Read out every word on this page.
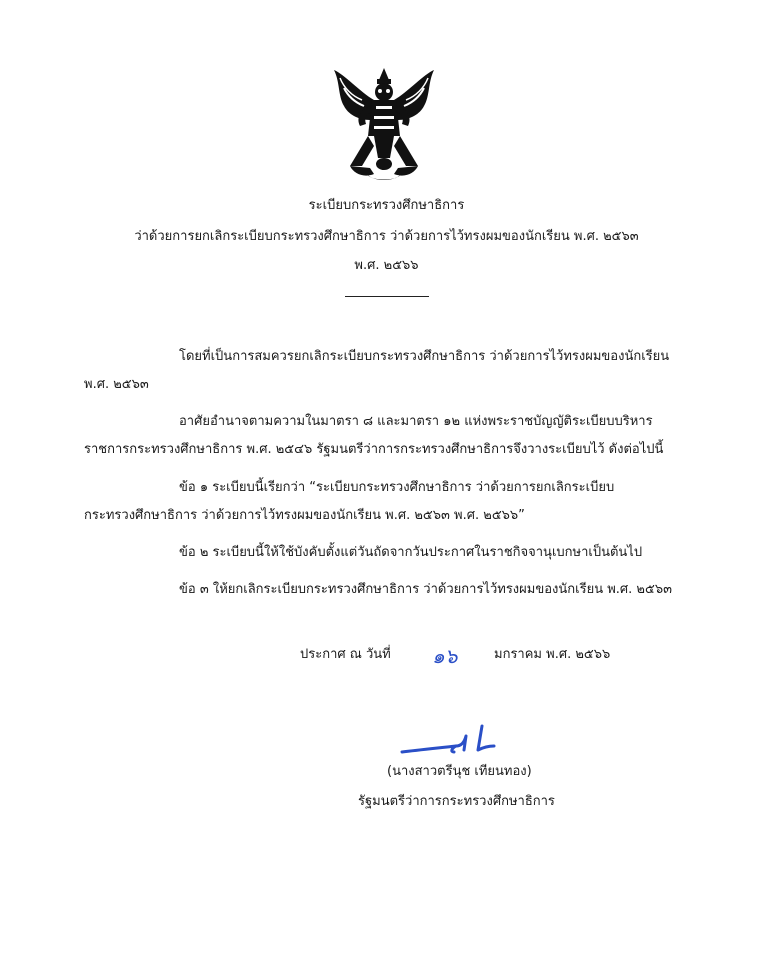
ระเบียบกระทรวงศึกษาธิการ
ว่าด้วยการยกเลิกระเบียบกระทรวงศึกษาธิการ ว่าด้วยการไว้ทรงผมของนักเรียน พ.ศ. ๒๕๖๓
พ.ศ. ๒๕๖๖
โดยที่เป็นการสมควรยกเลิกระเบียบกระทรวงศึกษาธิการ ว่าด้วยการไว้ทรงผมของนักเรียน
พ.ศ. ๒๕๖๓
อาศัยอำนาจตามความในมาตรา ๘ และมาตรา ๑๒ แห่งพระราชบัญญัติระเบียบบริหาร
ราชการกระทรวงศึกษาธิการ พ.ศ. ๒๕๔๖ รัฐมนตรีว่าการกระทรวงศึกษาธิการจึงวางระเบียบไว้ ดังต่อไปนี้
ข้อ ๑ ระเบียบนี้เรียกว่า “ระเบียบกระทรวงศึกษาธิการ ว่าด้วยการยกเลิกระเบียบ
กระทรวงศึกษาธิการ ว่าด้วยการไว้ทรงผมของนักเรียน พ.ศ. ๒๕๖๓ พ.ศ. ๒๕๖๖”
ข้อ ๒ ระเบียบนี้ให้ใช้บังคับตั้งแต่วันถัดจากวันประกาศในราชกิจจานุเบกษาเป็นต้นไป
ข้อ ๓ ให้ยกเลิกระเบียบกระทรวงศึกษาธิการ ว่าด้วยการไว้ทรงผมของนักเรียน พ.ศ. ๒๕๖๓
ประกาศ ณ วันที่ ๑๖	มกราคม พ.ศ. ๒๕๖๖
(นางสาวตรีนุช เทียนทอง)
รัฐมนตรีว่าการกระทรวงศึกษาธิการ
